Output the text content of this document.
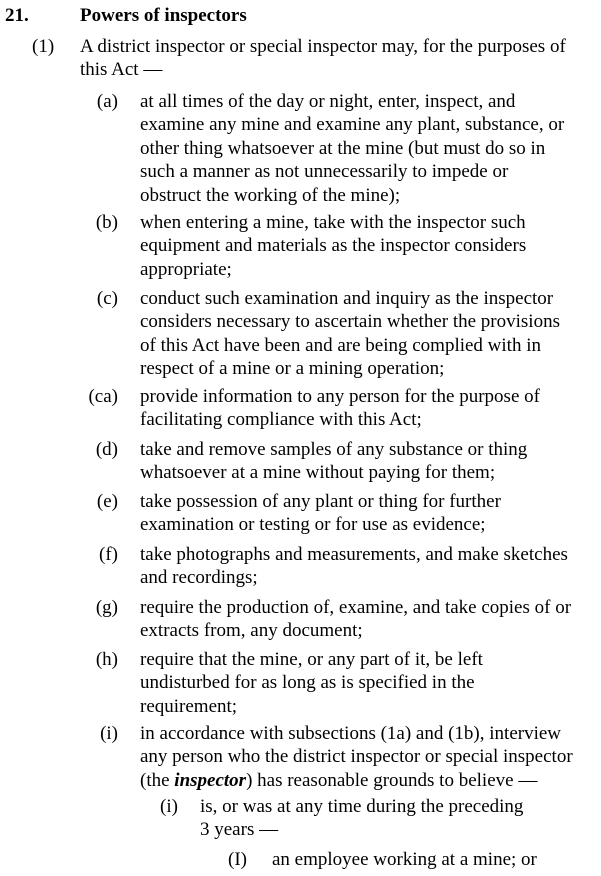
21.	Powers of inspectors
(1) A district inspector or special inspector may, for the purposes of
this Act —
(a) at all times of the day or night, enter, inspect, and
examine any mine and examine any plant, substance, or
other thing whatsoever at the mine (but must do so in
such a manner as not unnecessarily to impede or
obstruct the working of the mine);
(b) when entering a mine, take with the inspector such
equipment and materials as the inspector considers
appropriate;
(c) conduct such examination and inquiry as the inspector
considers necessary to ascertain whether the provisions
of this Act have been and are being complied with in
respect of a mine or a mining operation;
(ca) provide information to any person for the purpose of
facilitating compliance with this Act;
(d) take and remove samples of any substance or thing
whatsoever at a mine without paying for them;
(e) take possession of any plant or thing for further
examination or testing or for use as evidence;
(f) take photographs and measurements, and make sketches
and recordings;
(g) require the production of, examine, and take copies of or
extracts from, any document;
(h) require that the mine, or any part of it, be left
undisturbed for as long as is specified in the
requirement;
(i) in accordance with subsections (1a) and (1b), interview
any person who the district inspector or special inspector
(the inspector) has reasonable grounds to believe —
(i) is, or was at any time during the preceding
3 years —
(I) an employee working at a mine; or
